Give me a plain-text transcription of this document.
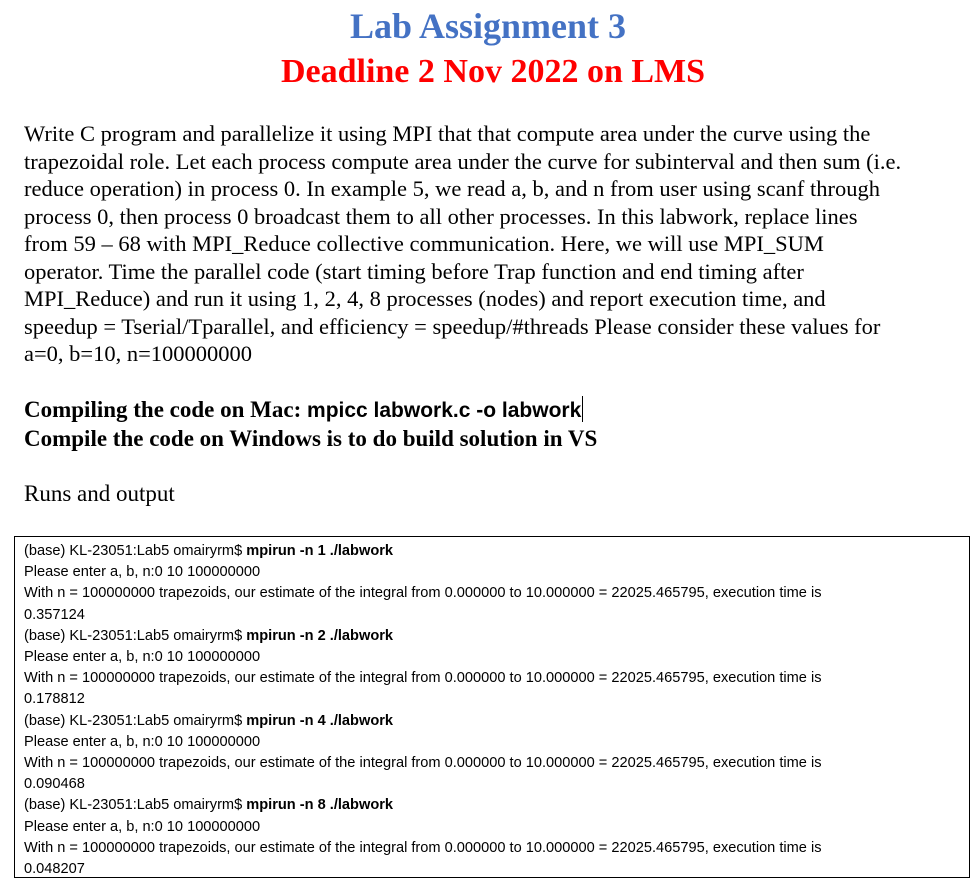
Lab Assignment 3
Deadline 2 Nov 2022 on LMS
Write C program and parallelize it using MPI that that compute area under the curve using the
trapezoidal role. Let each process compute area under the curve for subinterval and then sum (i.e.
reduce operation) in process 0. In example 5, we read a, b, and n from user using scanf through
process 0, then process 0 broadcast them to all other processes. In this labwork, replace lines
from 59 – 68 with MPI_Reduce collective communication. Here, we will use MPI_SUM
operator. Time the parallel code (start timing before Trap function and end timing after
MPI_Reduce) and run it using 1, 2, 4, 8 processes (nodes) and report execution time, and
speedup = Tserial/Tparallel, and efficiency = speedup/#threads Please consider these values for
a=0, b=10, n=100000000
Compiling the code on Mac: mpicc labwork.c -o labwork
Compile the code on Windows is to do build solution in VS
Runs and output
(base) KL-23051:Lab5 omairyrm$ mpirun -n 1 ./labwork
Please enter a, b, n:0 10 100000000
With n = 100000000 trapezoids, our estimate of the integral from 0.000000 to 10.000000 = 22025.465795, execution time is
0.357124
(base) KL-23051:Lab5 omairyrm$ mpirun -n 2 ./labwork
Please enter a, b, n:0 10 100000000
With n = 100000000 trapezoids, our estimate of the integral from 0.000000 to 10.000000 = 22025.465795, execution time is
0.178812
(base) KL-23051:Lab5 omairyrm$ mpirun -n 4 ./labwork
Please enter a, b, n:0 10 100000000
With n = 100000000 trapezoids, our estimate of the integral from 0.000000 to 10.000000 = 22025.465795, execution time is
0.090468
(base) KL-23051:Lab5 omairyrm$ mpirun -n 8 ./labwork
Please enter a, b, n:0 10 100000000
With n = 100000000 trapezoids, our estimate of the integral from 0.000000 to 10.000000 = 22025.465795, execution time is
0.048207
